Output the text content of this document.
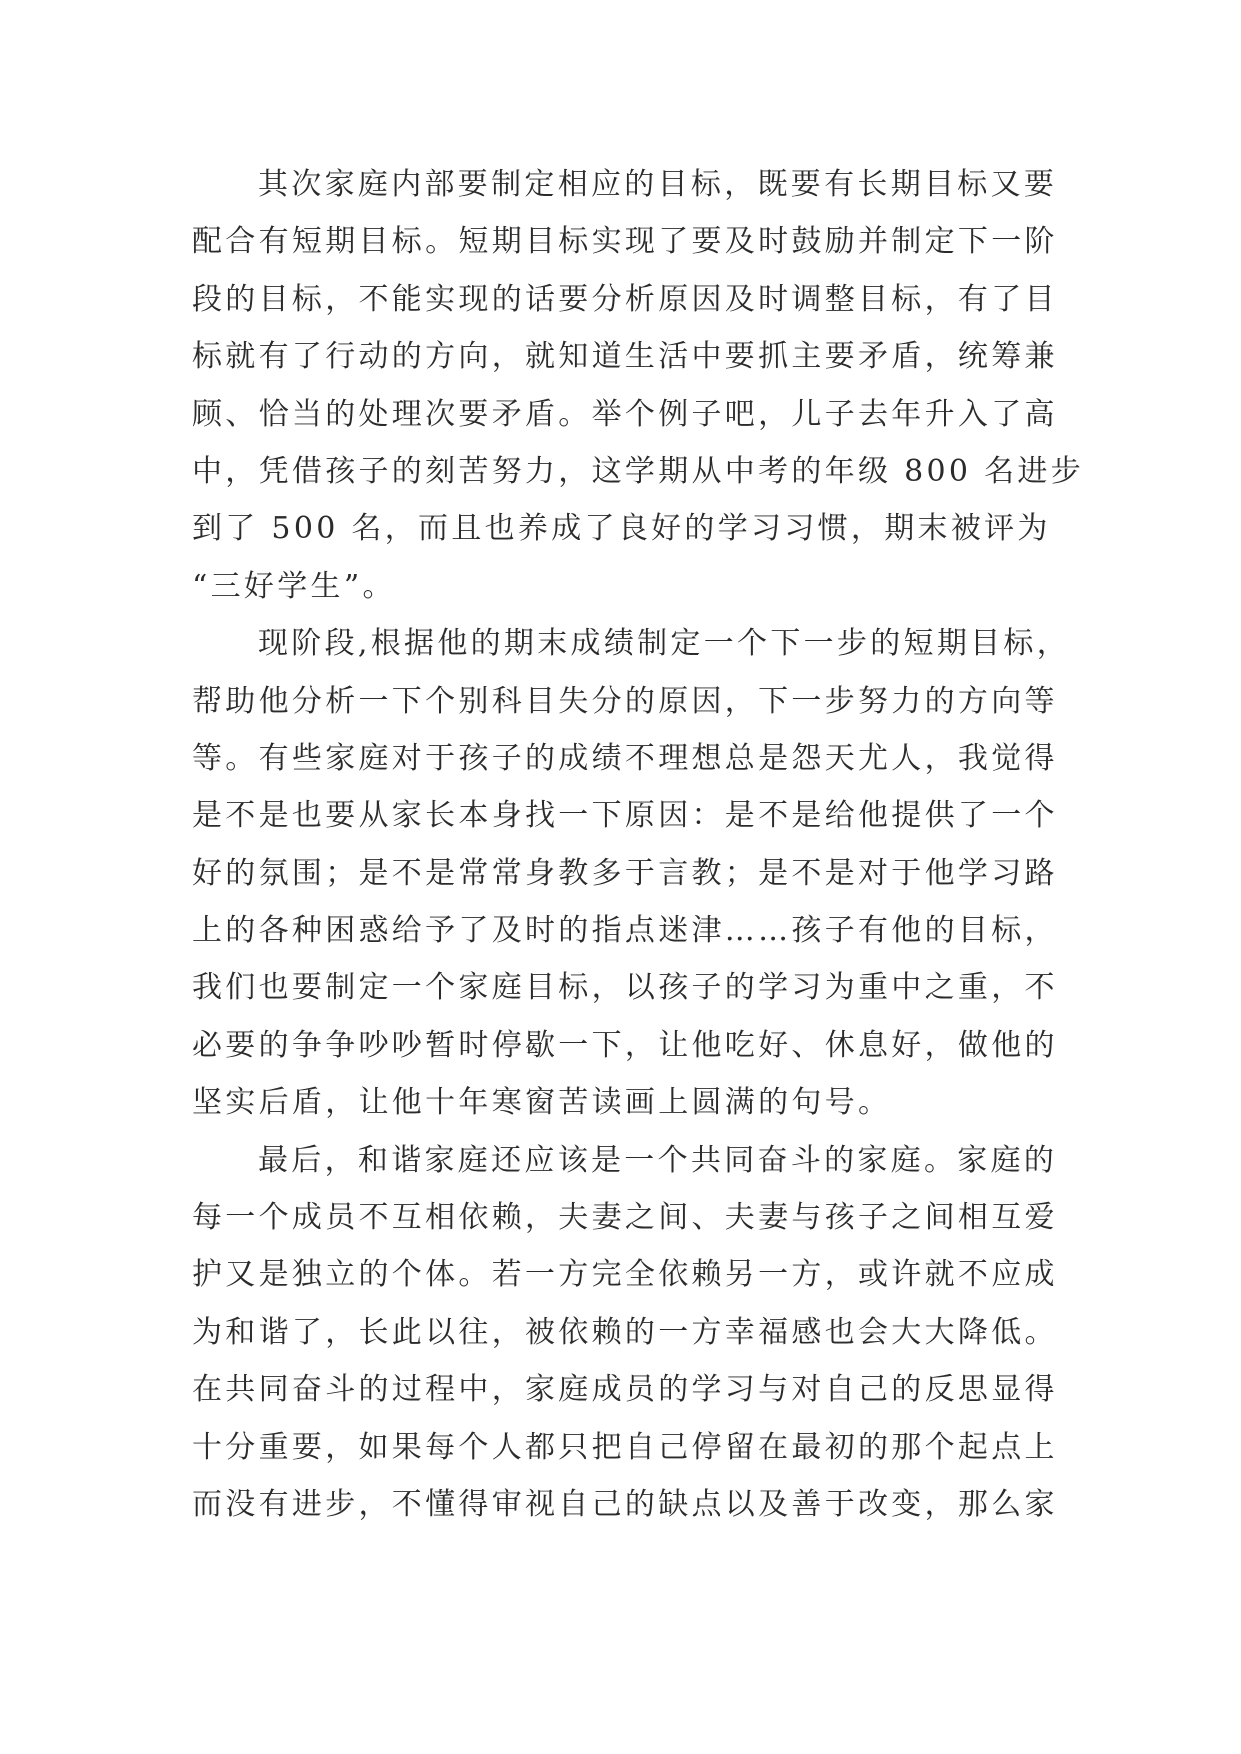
其次家庭内部要制定相应的目标，既要有长期目标又要
配合有短期目标。短期目标实现了要及时鼓励并制定下一阶
段的目标，不能实现的话要分析原因及时调整目标，有了目
标就有了行动的方向，就知道生活中要抓主要矛盾，统筹兼
顾、恰当的处理次要矛盾。举个例子吧，儿子去年升入了高
中，凭借孩子的刻苦努力，这学期从中考的年级 800 名进步
到了 500 名，而且也养成了良好的学习习惯，期末被评为
“三好学生”。
现阶段,根据他的期末成绩制定一个下一步的短期目标，
帮助他分析一下个别科目失分的原因，下一步努力的方向等
等。有些家庭对于孩子的成绩不理想总是怨天尤人，我觉得
是不是也要从家长本身找一下原因：是不是给他提供了一个
好的氛围；是不是常常身教多于言教；是不是对于他学习路
上的各种困惑给予了及时的指点迷津……孩子有他的目标，
我们也要制定一个家庭目标，以孩子的学习为重中之重，不
必要的争争吵吵暂时停歇一下，让他吃好、休息好，做他的
坚实后盾，让他十年寒窗苦读画上圆满的句号。
最后，和谐家庭还应该是一个共同奋斗的家庭。家庭的
每一个成员不互相依赖，夫妻之间、夫妻与孩子之间相互爱
护又是独立的个体。若一方完全依赖另一方，或许就不应成
为和谐了，长此以往，被依赖的一方幸福感也会大大降低。
在共同奋斗的过程中，家庭成员的学习与对自己的反思显得
十分重要，如果每个人都只把自己停留在最初的那个起点上
而没有进步，不懂得审视自己的缺点以及善于改变，那么家
